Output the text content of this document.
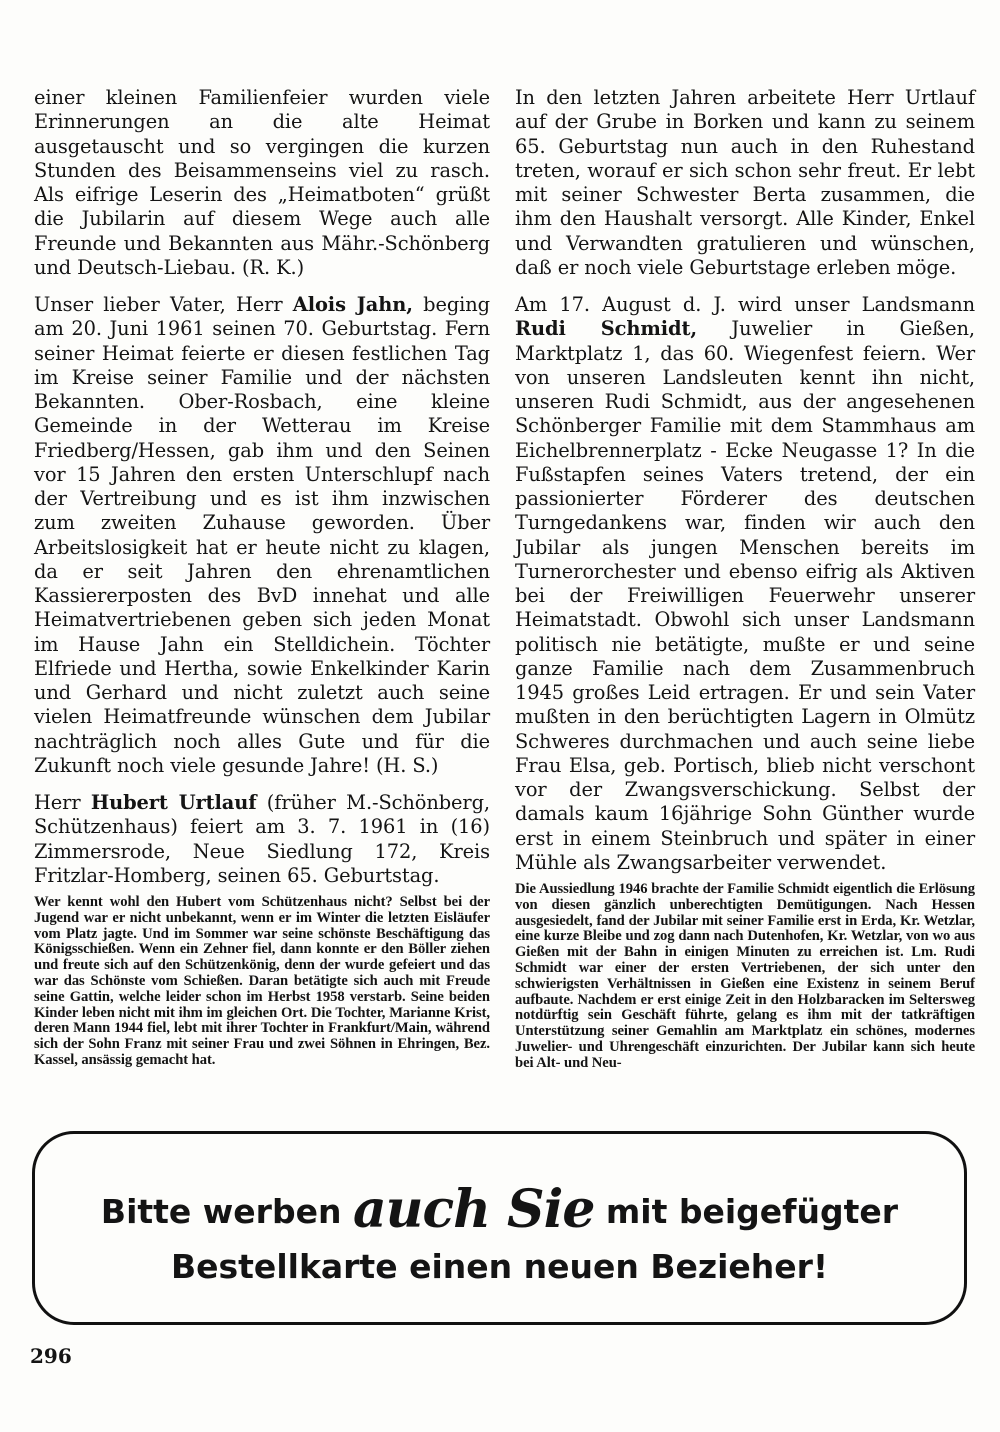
einer kleinen Familienfeier wurden viele Erinnerungen an die alte Heimat ausgetauscht und so vergingen die kurzen Stunden des Beisammenseins viel zu rasch. Als eifrige Leserin des „Heimatboten“ grüßt die Jubilarin auf diesem Wege auch alle Freunde und Bekannten aus Mähr.-Schönberg und Deutsch-Liebau. (R. K.)

Unser lieber Vater, Herr Alois Jahn, beging am 20. Juni 1961 seinen 70. Geburtstag. Fern seiner Heimat feierte er diesen festlichen Tag im Kreise seiner Familie und der nächsten Bekannten. Ober-Rosbach, eine kleine Gemeinde in der Wetterau im Kreise Friedberg/Hessen, gab ihm und den Seinen vor 15 Jahren den ersten Unterschlupf nach der Vertreibung und es ist ihm inzwischen zum zweiten Zuhause geworden. Über Arbeitslosigkeit hat er heute nicht zu klagen, da er seit Jahren den ehrenamtlichen Kassiererposten des BvD innehat und alle Heimatvertriebenen geben sich jeden Monat im Hause Jahn ein Stelldichein. Töchter Elfriede und Hertha, sowie Enkelkinder Karin und Gerhard und nicht zuletzt auch seine vielen Heimatfreunde wünschen dem Jubilar nachträglich noch alles Gute und für die Zukunft noch viele gesunde Jahre! (H. S.)

Herr Hubert Urtlauf (früher M.-Schönberg, Schützenhaus) feiert am 3. 7. 1961 in (16) Zimmersrode, Neue Siedlung 172, Kreis Fritzlar-Homberg, seinen 65. Geburtstag.

Wer kennt wohl den Hubert vom Schützenhaus nicht? Selbst bei der Jugend war er nicht unbekannt, wenn er im Winter die letzten Eisläufer vom Platz jagte. Und im Sommer war seine schönste Beschäftigung das Königsschießen. Wenn ein Zehner fiel, dann konnte er den Böller ziehen und freute sich auf den Schützenkönig, denn der wurde gefeiert und das war das Schönste vom Schießen. Daran betätigte sich auch mit Freude seine Gattin, welche leider schon im Herbst 1958 verstarb. Seine beiden Kinder leben nicht mit ihm im gleichen Ort. Die Tochter, Marianne Krist, deren Mann 1944 fiel, lebt mit ihrer Tochter in Frankfurt/Main, während sich der Sohn Franz mit seiner Frau und zwei Söhnen in Ehringen, Bez. Kassel, ansässig gemacht hat.

In den letzten Jahren arbeitete Herr Urtlauf auf der Grube in Borken und kann zu seinem 65. Geburtstag nun auch in den Ruhestand treten, worauf er sich schon sehr freut. Er lebt mit seiner Schwester Berta zusammen, die ihm den Haushalt versorgt. Alle Kinder, Enkel und Verwandten gratulieren und wünschen, daß er noch viele Geburtstage erleben möge.

Am 17. August d. J. wird unser Landsmann Rudi Schmidt, Juwelier in Gießen, Marktplatz 1, das 60. Wiegenfest feiern. Wer von unseren Landsleuten kennt ihn nicht, unseren Rudi Schmidt, aus der angesehenen Schönberger Familie mit dem Stammhaus am Eichelbrennerplatz - Ecke Neugasse 1? In die Fußstapfen seines Vaters tretend, der ein passionierter Förderer des deutschen Turngedankens war, finden wir auch den Jubilar als jungen Menschen bereits im Turnerorchester und ebenso eifrig als Aktiven bei der Freiwilligen Feuerwehr unserer Heimatstadt. Obwohl sich unser Landsmann politisch nie betätigte, mußte er und seine ganze Familie nach dem Zusammenbruch 1945 großes Leid ertragen. Er und sein Vater mußten in den berüchtigten Lagern in Olmütz Schweres durchmachen und auch seine liebe Frau Elsa, geb. Portisch, blieb nicht verschont vor der Zwangsverschickung. Selbst der damals kaum 16jährige Sohn Günther wurde erst in einem Steinbruch und später in einer Mühle als Zwangsarbeiter verwendet.

Die Aussiedlung 1946 brachte der Familie Schmidt eigentlich die Erlösung von diesen gänzlich unberechtigten Demütigungen. Nach Hessen ausgesiedelt, fand der Jubilar mit seiner Familie erst in Erda, Kr. Wetzlar, eine kurze Bleibe und zog dann nach Dutenhofen, Kr. Wetzlar, von wo aus Gießen mit der Bahn in einigen Minuten zu erreichen ist. Lm. Rudi Schmidt war einer der ersten Vertriebenen, der sich unter den schwierigsten Verhältnissen in Gießen eine Existenz in seinem Beruf aufbaute. Nachdem er erst einige Zeit in den Holzbaracken im Seltersweg notdürftig sein Geschäft führte, gelang es ihm mit der tatkräftigen Unterstützung seiner Gemahlin am Marktplatz ein schönes, modernes Juwelier- und Uhrengeschäft einzurichten. Der Jubilar kann sich heute bei Alt- und Neu-

Bitte werben auch Sie mit beigefügter
Bestellkarte einen neuen Bezieher!
296
